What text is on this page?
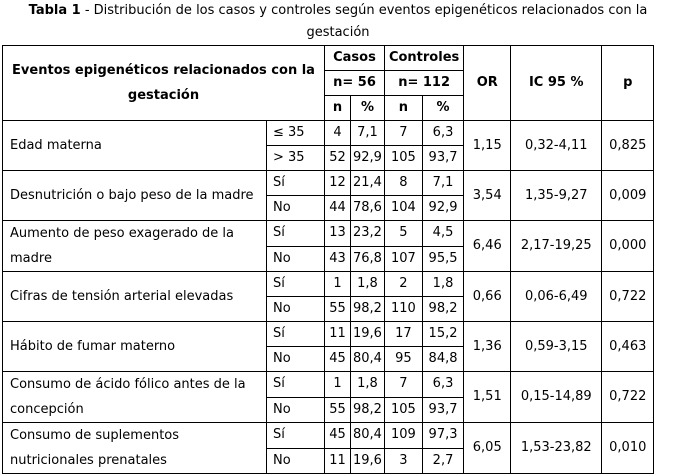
Tabla 1 - Distribución de los casos y controles según eventos epigenéticos relacionados con la gestación
Eventos epigenéticos relacionados con la gestación		Casos		Controles		OR	IC 95 %	p
		n= 56		n= 112				
		n	%	n	%			
Edad materna	≤ 35	4	7,1	7	6,3	1,15	0,32-4,11	0,825
	> 35	52	92,9	105	93,7			
Desnutrición o bajo peso de la madre	Sí	12	21,4	8	7,1	3,54	1,35-9,27	0,009
	No	44	78,6	104	92,9			
Aumento de peso exagerado de la madre	Sí	13	23,2	5	4,5	6,46	2,17-19,25	0,000
	No	43	76,8	107	95,5			
Cifras de tensión arterial elevadas	Sí	1	1,8	2	1,8	0,66	0,06-6,49	0,722
	No	55	98,2	110	98,2			
Hábito de fumar materno	Sí	11	19,6	17	15,2	1,36	0,59-3,15	0,463
	No	45	80,4	95	84,8			
Consumo de ácido fólico antes de la concepción	Sí	1	1,8	7	6,3	1,51	0,15-14,89	0,722
	No	55	98,2	105	93,7			
Consumo de suplementos nutricionales prenatales	Sí	45	80,4	109	97,3	6,05	1,53-23,82	0,010
	No	11	19,6	3	2,7			
